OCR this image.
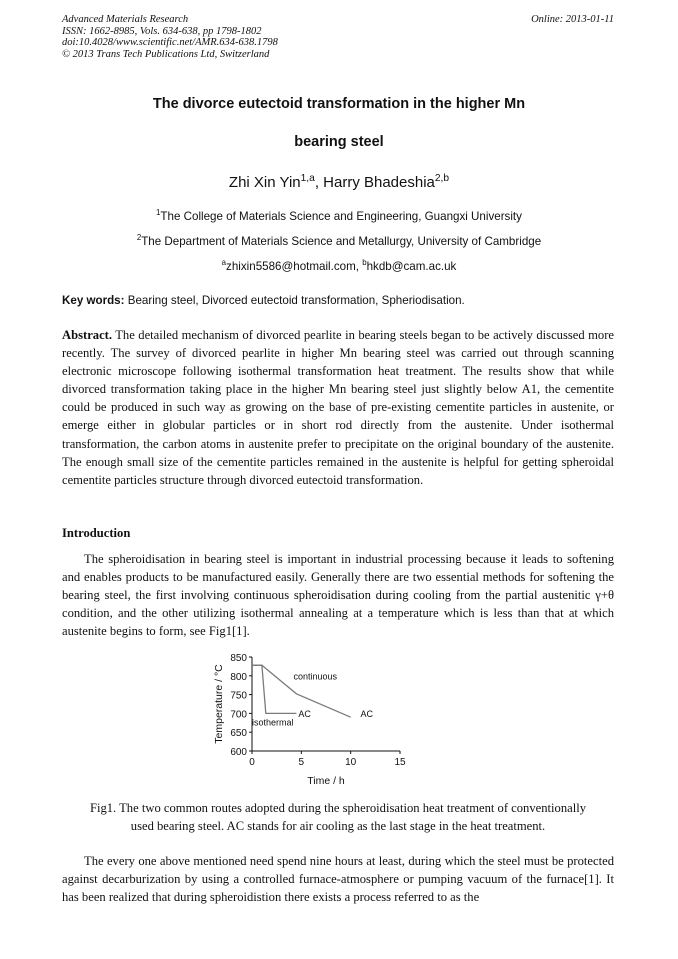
Advanced Materials Research
ISSN: 1662-8985, Vols. 634-638, pp 1798-1802
doi:10.4028/www.scientific.net/AMR.634-638.1798
© 2013 Trans Tech Publications Ltd, Switzerland
Online: 2013-01-11
The divorce eutectoid transformation in the higher Mn
bearing steel
Zhi Xin Yin$^{1,a}$, Harry Bhadeshia$^{2,b}$
$^1$The College of Materials Science and Engineering, Guangxi University
$^2$The Department of Materials Science and Metallurgy, University of Cambridge
$^a$zhixin5586@hotmail.com, $^b$hkdb@cam.ac.uk
Key words: Bearing steel, Divorced eutectoid transformation, Spheriodisation.
Abstract. The detailed mechanism of divorced pearlite in bearing steels began to be actively discussed more recently. The survey of divorced pearlite in higher Mn bearing steel was carried out through scanning electronic microscope following isothermal transformation heat treatment. The results show that while divorced transformation taking place in the higher Mn bearing steel just slightly below A1, the cementite could be produced in such way as growing on the base of pre-existing cementite particles in austenite, or emerge either in globular particles or in short rod directly from the austenite. Under isothermal transformation, the carbon atoms in austenite prefer to precipitate on the original boundary of the austenite. The enough small size of the cementite particles remained in the austenite is helpful for getting spheroidal cementite particles structure through divorced eutectoid transformation.
Introduction
The spheroidisation in bearing steel is important in industrial processing because it leads to softening and enables products to be manufactured easily. Generally there are two essential methods for softening the bearing steel, the first involving continuous spheroidisation during cooling from the partial austenitic γ+θ condition, and the other utilizing isothermal annealing at a temperature which is less than that at which austenite begins to form, see Fig1[1].
600
650
700
750
800
850
0	5	10	15
Time / h
Temperature / °C	continuous
isothermal
AC	AC
Fig1. The two common routes adopted during the spheroidisation heat treatment of conventionally
used bearing steel. AC stands for air cooling as the last stage in the heat treatment.
The every one above mentioned need spend nine hours at least, during which the steel must be protected against decarburization by using a controlled furnace-atmosphere or pumping vacuum of the furnace[1]. It has been realized that during spheroidistion there exists a process referred to as the
